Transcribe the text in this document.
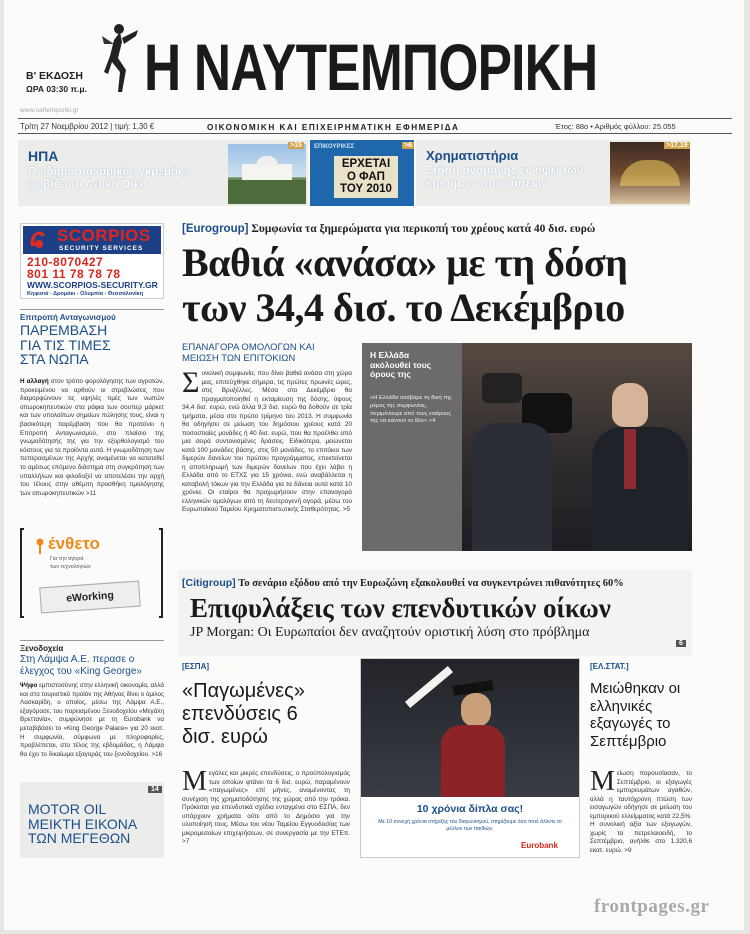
Β' ΕΚΔΟΣΗ
ΩΡΑ 03:30 π.μ.
www.naftemporiki.gr
Η ΝΑΥΤΕΜΠΟΡΙΚΗ
Τρίτη 27 Νοεμβρίου 2012 | τιμή: 1,30 €	ΟΙΚΟΝΟΜΙΚΗ ΚΑΙ ΕΠΙΧΕΙΡΗΜΑΤΙΚΗ ΕΦΗΜΕΡΙΔΑ	Έτος: 88ο • Αριθμός φύλλου: 25.055
ΗΠΑ
Ο «δημοσιονομικός γκρεμός» φοβίζει το Λευκό Οίκο
>15	ΕΠΙΚΟΥΡΙΚΕΣ
ΕΡΧΕΤΑΙ Ο ΦΑΠ ΤΟΥ 2010
>6
Χρηματιστήρια
Στάση αναμονής εν όψει των κρίσιμων αποφάσεων
>17,19
SCORPIOS
SECURITY SERVICES
210-8070427
801 11 78 78 78
WWW.SCORPIOS-SECURITY.GR
Κηφισιά - Δρομάκι - Ολυμπία - Θεσσαλονίκη
Επιτροπή Ανταγωνισμού
ΠΑΡΕΜΒΑΣΗ ΓΙΑ ΤΙΣ ΤΙΜΕΣ ΣΤΑ ΝΩΠΑ
Η αλλαγή στον τρόπο φορολόγησης των αγροτών, προκειμένου να αρθούν οι στρεβλώσεις που διαμορφώνουν τις υψηλές τιμές των νωπών οπωροκηπευτικών στα ράφια των σουπερ μάρκετ και των υπολοίπων σημείων πώλησης τους, είναι η βασικότερη παρέμβαση που θα προτείνει η Επιτροπή Ανταγωνισμού, στο πλαίσιο της γνωμοδότησής της για την εξορθολογισμό του κόστους για τα προϊόντα αυτά. Η γνωμοδότηση των πεπερασμένων της Αρχής αναμένεται να κατατεθεί το αμέσως επόμενο διάστημα στη συγκρότηση των υπαλλήλων και φιλοδοξεί να αποτελέσει την αρχή του τέλους στην αθέμιτη προσθήκη τιμολόγησης των οπωροκηπευτικών >11
ένθετο
Για την αγορά
των τεχνολογιών
eWorking
Ξενοδοχεία
Στη Λάμψα Α.Ε. περασε ο έλεγχος του «King George»
Ψήφο εμπιστοσύνης στην ελληνική οικονομία, αλλά και στο τουριστικό προϊόν της Αθήνας δίνει ο όμιλος Λασκαρίδη, ο οποίος, μέσω της Λάμψα Α.Ε., εξαγόρασε, του πορεισμένου Ξενοδοχείου «Μεγάλη Βρεττανία», συμφώνησε με τη Eurobank να μεταβιβάσει το «King George Palace» για 20 εκατ. Η συμφωνία, σύμφωνα με πληροφορίες, προβλέπεται, στο τέλος της εβδομάδας, η Λάμψα θα έχει το δικαίωμα εξαγοράς του ξενοδοχείου. >16
14
MOTOR OIL ΜΕΙΚΤΗ ΕΙΚΟΝΑ ΤΩΝ ΜΕΓΕΘΩΝ
[Eurogroup] Συμφωνία τα ξημερώματα για περικοπή του χρέους κατά 40 δισ. ευρώ
Βαθιά «ανάσα» με τη δόση
των 34,4 δισ. το Δεκέμβριο
ΕΠΑΝΑΓΟΡΑ ΟΜΟΛΟΓΩΝ ΚΑΙ ΜΕΙΩΣΗ ΤΩΝ ΕΠΙΤΟΚΙΩΝ
Σ υνολική συμφωνία, που δίνει βαθιά ανάσα στη χώρα μας, επιτεύχθηκε σήμερα, τις πρώτες πρωινές ώρες, στις Βρυξέλλες. Μέσα στο Δεκέμβριο θα πραγματοποιηθεί η εκταμίευση της δόσης, ύψους 34,4 δισ. ευρώ, ενώ άλλα 9,3 δισ. ευρώ θα δοθούν σε τρία τμήματα, μέσα στο πρώτο τρίμηνο του 2013. Η συμφωνία θα οδηγήσει σε μείωση του δημόσιου χρέους κατά 20 ποσοστιαίες μονάδες ή 40 δισ. ευρώ, που θα προέλθει από μια σειρά συντονισμένες δράσεις. Ειδικότερα, μειώνεται κατά 100 μονάδες βάσης, στις 50 μονάδες, το επιτόκιο των διμερών δανείων του πρώτου προγράμματος, επεκτείνεται η αποπληρωμή των διμερών δανείων που έχει λάβει η Ελλάδα από το ΕΤΧΣ για 15 χρόνια, ενώ αναβάλλεται η καταβολή τόκων για την Ελλάδα για τα δάνεια αυτά κατά 10 χρόνια. Οι εταίροι θα προχωρήσουν στην επαναγορά ελληνικών ομολόγων από τη δευτερογενή αγορά, μέσω του Ευρωπαϊκού Ταμείου Χρηματοπιστωτικής Σταθερότητας. >5
Η Ελλάδα ακόλουθεί τους όρους της
«Η Ελλάδα ανάβαρε τη δική της μέρος της συμφωνίας, περιμένουμε από τους εταίρους της να κάνουν το ίδιο» >4
[Citigroup] Το σενάριο εξόδου από την Ευρωζώνη εξακολουθεί να συγκεντρώνει πιθανότητες 60%
Επιφυλάξεις των επενδυτικών οίκων
JP Morgan: Οι Ευρωπαίοι δεν αναζητούν οριστική λύση στο πρόβλημα
6
[ΕΣΠΑ]
«Παγωμένες» επενδύσεις 6 δισ. ευρώ
Μ εγάλες και μικρές επενδύσεις, ο προϋπολογισμός των οποίων φτάνει τα 6 δισ. ευρώ, παραμένουν «παγωμένες» επί μήνες, αναμένοντας τη συνέχιση της χρηματοδότησης της χώρας από την τρόικα. Πρόκειται για επενδυτικά σχέδια ενταγμένα στο ΕΣΠΑ, δεν υπάρχουν χρήματα ούτε από το Δημόσιο για την υλοποίησή τους. Μέσω του νέου Ταμείου Εγγυοδοσίας των μικρομεσαίων επιχειρήσεων, σε συνεργασία με την ΕΤΕπ. >7
10 χρόνια δίπλα σας!
Με 10 συνεχή χρόνια στήριξης του διαγωνισμού, στηρίζουμε όσο ποτέ άλλοτε το μέλλον των παιδιών.
Eurobank
[ΕΛ.ΣΤΑΤ.]
Μειώθηκαν οι ελληνικές εξαγωγές το Σεπτέμβριο
Μ είωση παρουσίασαν, το Σεπτέμβριο, οι εξαγωγές εμπορευμάτων αγαθών, αλλά η ταυτόχρονη πτώση των εισαγωγών οδήγησε σε μείωση του εμπορικού ελλείμματος κατά 22,5%. Η συνολική αξία των εξαγωγών, χωρίς τα πετρελαιοειδή, το Σεπτέμβριο, ανήλθε στο 1.320,6 εκατ. ευρώ. >9
frontpages.gr
